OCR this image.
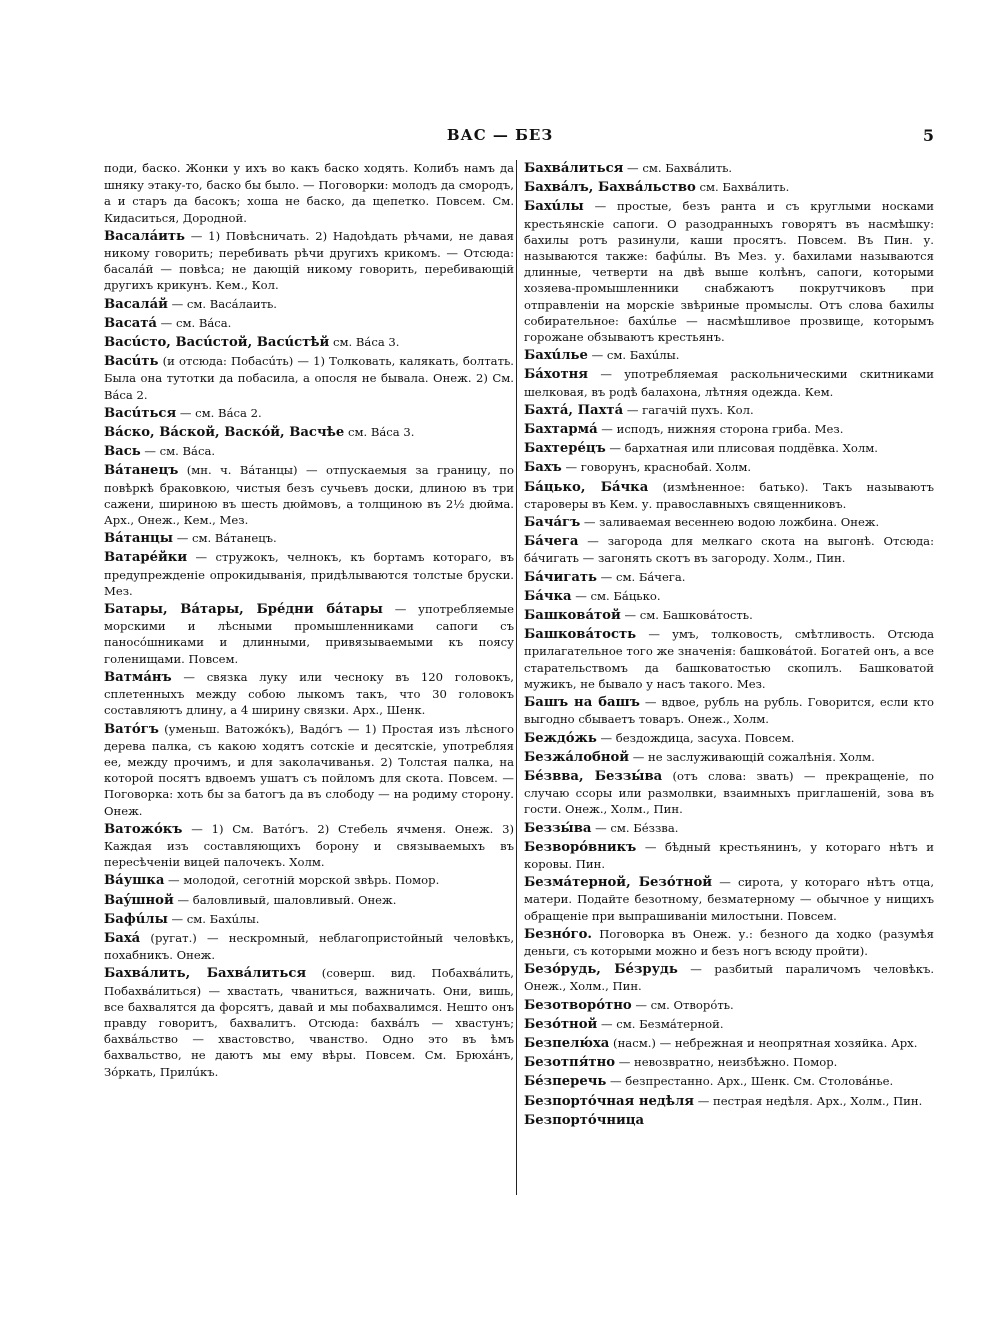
ВАС — БЕЗ	5
поди, баско. Жонки у ихъ во какъ баско ходять. Колибъ намъ да шняку этаку-то, баско бы было. — Поговорки: молодъ да смородъ, а и старъ да басокъ; хоша не баско, да щепетко. Повсем. См. Кидаситься, Дородной.
Васалáить — 1) Повѣсничать. 2) Надоѣдать рѣчами, не давая никому говорить; перебивать рѣчи другихъ крикомъ. — Отсюда: басалáй — повѣса; не дающій никому говорить, перебивающій другихъ крикунъ. Кем., Кол.
Васалáй — см. Васáлаить.
Васатá — см. Вáса.
Васúсто, Васúстой, Васúстѣй см. Вáса 3.
Васúть (и отсюда: Побасúть) — 1) Толковать, калякать, болтать. Была она тутотки да побасила, а опосля не бывала. Онеж. 2) См. Вáса 2.
Васúться — см. Вáса 2.
Вáско, Вáской, Васкóй, Васчѣе см. Вáса 3.
Вась — см. Вáса.
Вáтанецъ (мн. ч. Вáтанцы) — отпускаемыя за границу, по повѣркѣ браковкою, чистыя безъ сучьевъ доски, длиною въ три сажени, шириною въ шесть дюймовъ, а толщиною въ 2½ дюйма. Арх., Онеж., Кем., Мез.
Вáтанцы — см. Вáтанецъ.
Ватарéйки — стружокъ, челнокъ, къ бортамъ котораго, въ предупрежденіе опрокидыванія, придѣлываются толстые бруски. Мез.
Батары, Вáтары, Брéдни бáтары — употребляемые морскими и лѣсными промышленниками сапоги съ паносóшниками и длинными, привязываемыми къ поясу голенищами. Повсем.
Ватмáнъ — связка луку или чесноку въ 120 головокъ, сплетенныхъ между собою лыкомъ такъ, что 30 головокъ составляютъ длину, а 4 ширину связки. Арх., Шенк.
Ватóгъ (уменьш. Ватожóкъ), Вадóгъ — 1) Простая изъ лѣсного дерева палка, съ какою ходятъ сотскіе и десятскіе, употребляя ее, между прочимъ, и для заколачиванья. 2) Толстая палка, на которой посятъ вдвоемъ ушатъ съ пойломъ для скота. Повсем. — Поговорка: хоть бы за батогъ да въ слободу — на родиму сторону. Онеж.
Ватожóкъ — 1) См. Ватóгъ. 2) Стебель ячменя. Онеж. 3) Каждая изъ составляющихъ борону и связываемыхъ въ пересѣченіи вицей палочекъ. Холм.
Вáушка — молодой, сеготній морской звѣрь. Помор.
Ваýшной — баловливый, шаловливый. Онеж.
Бафúлы — см. Бахúлы.
Бахá (ругат.) — нескромный, неблагопристойный человѣкъ, похабникъ. Онеж.
Бахвáлить, Бахвáлиться (соверш. вид. Побахвáлить, Побахвáлиться) — хвастать, чваниться, важничать. Они, вишь, все бахвалятся да форсятъ, давай и мы побахвалимся. Нешто онъ правду говоритъ, бахвалитъ. Отсюда: бахвáлъ — хвастунъ; бахвáльство — хвастовство, чванство. Одно это въ ѣмъ бахвальство, не даютъ мы ему вѣры. Повсем. См. Брюхáнъ, Зóркать, Прилúкъ.
Бахвáлиться — см. Бахвáлить.
Бахвáлъ, Бахвáльство см. Бахвáлить.
Бахúлы — простые, безъ ранта и съ круглыми носками крестьянскіе сапоги. О разодранныхъ говорятъ въ насмѣшку: бахилы ротъ разинули, каши просятъ. Повсем. Въ Пин. у. называются также: бафúлы. Въ Мез. у. бахилами называются длинные, четверти на двѣ выше колѣнъ, сапоги, которыми хозяева-промышленники снабжаютъ покрутчиковъ при отправленіи на морскіе звѣриные промыслы. Отъ слова бахилы собирательное: бахúлье — насмѣшливое прозвище, которымъ горожане обзываютъ крестьянъ.
Бахúлье — см. Бахúлы.
Бáхотня — употребляемая раскольническими скитниками шелковая, въ родѣ балахона, лѣтняя одежда. Кем.
Бахтá, Пахтá — гагачій пухъ. Кол.
Бахтармá — исподъ, нижняя сторона гриба. Мез.
Бахтерéцъ — бархатная или плисовая поддёвка. Холм.
Бахъ — говорунъ, краснобай. Холм.
Бáцько, Бáчка (измѣненное: батько). Такъ называютъ староверы въ Кем. у. православныхъ священниковъ.
Бачáгъ — заливаемая весеннею водою ложбина. Онеж.
Бáчега — загорода для мелкаго скота на выгонѣ. Отсюда: бáчигать — загонять скотъ въ загороду. Холм., Пин.
Бáчигать — см. Бáчега.
Бáчка — см. Бáцько.
Башковáтой — см. Башковáтость.
Башковáтость — умъ, толковость, смѣтливость. Отсюда прилагательное того же значенія: башковáтой. Богатей онъ, а все старательствомъ да башковатостью скопилъ. Башковатой мужикъ, не бывало у насъ такого. Мез.
Башъ на башъ — вдвое, рубль на рубль. Говорится, если кто выгодно сбываетъ товаръ. Онеж., Холм.
Беждóжь — бездождица, засуха. Повсем.
Безжáлобной — не заслуживающій сожалѣнія. Холм.
Бéзвва, Беззы́ва (отъ слова: звать) — прекращеніе, по случаю ссоры или размолвки, взаимныхъ приглашеній, зова въ гости. Онеж., Холм., Пин.
Беззы́ва — см. Бéззва.
Безворóвникъ — бѣдный крестьянинъ, у котораго нѣтъ и коровы. Пин.
Безмáтерной, Безóтной — сирота, у котораго нѣтъ отца, матери. Подайте безотному, безматерному — обычное у нищихъ обращеніе при выпрашиваніи милостыни. Повсем.
Безнóго. Поговорка въ Онеж. у.: безного да ходко (разумѣя деньги, съ которыми можно и безъ ногъ всюду пройти).
Безóрудь, Бéзрудь — разбитый параличомъ человѣкъ. Онеж., Холм., Пин.
Безотворóтно — см. Отворóть.
Безóтной — см. Безмáтерной.
Безпелю́ха (насм.) — небрежная и неопрятная хозяйка. Арх.
Безотпя́тно — невозвратно, неизбѣжно. Помор.
Бéзперечь — безпрестанно. Арх., Шенк. См. Столовáнье.
Безпортóчная недѣля — пестрая недѣля. Арх., Холм., Пин.
Безпортóчница
